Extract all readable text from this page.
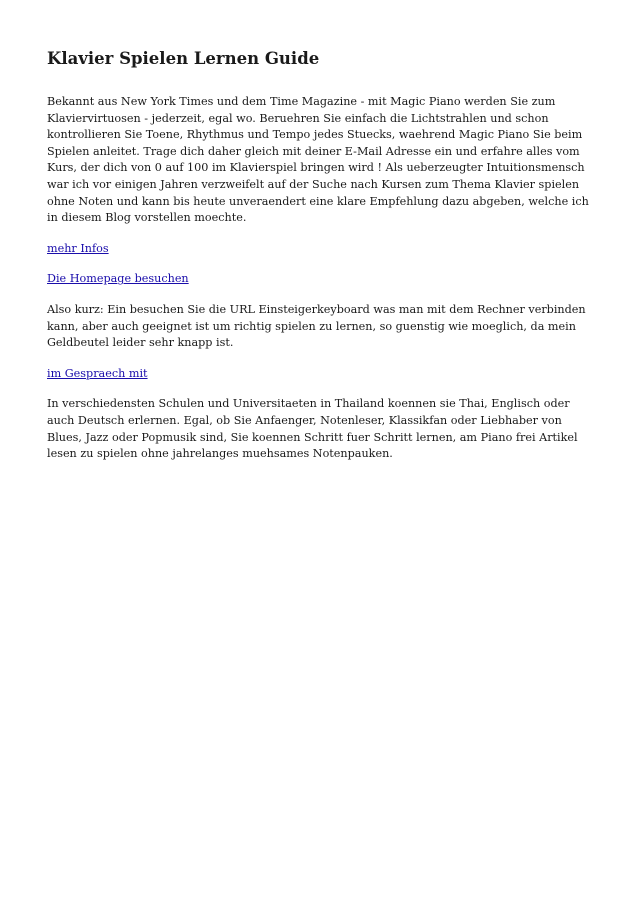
Klavier Spielen Lernen Guide

Bekannt aus New York Times und dem Time Magazine - mit Magic Piano werden Sie zum Klaviervirtuosen - jederzeit, egal wo. Beruehren Sie einfach die Lichtstrahlen und schon kontrollieren Sie Toene, Rhythmus und Tempo jedes Stuecks, waehrend Magic Piano Sie beim Spielen anleitet. Trage dich daher gleich mit deiner E-Mail Adresse ein und erfahre alles vom Kurs, der dich von 0 auf 100 im Klavierspiel bringen wird ! Als ueberzeugter Intuitionsmensch war ich vor einigen Jahren verzweifelt auf der Suche nach Kursen zum Thema Klavier spielen ohne Noten und kann bis heute unveraendert eine klare Empfehlung dazu abgeben, welche ich in diesem Blog vorstellen moechte.

mehr Infos
Die Homepage besuchen

Also kurz: Ein besuchen Sie die URL Einsteigerkeyboard was man mit dem Rechner verbinden kann, aber auch geeignet ist um richtig spielen zu lernen, so guenstig wie moeglich, da mein Geldbeutel leider sehr knapp ist.

im Gespraech mit

In verschiedensten Schulen und Universitaeten in Thailand koennen sie Thai, Englisch oder auch Deutsch erlernen. Egal, ob Sie Anfaenger, Notenleser, Klassikfan oder Liebhaber von Blues, Jazz oder Popmusik sind, Sie koennen Schritt fuer Schritt lernen, am Piano frei Artikel lesen zu spielen ohne jahrelanges muehsames Notenpauken.
